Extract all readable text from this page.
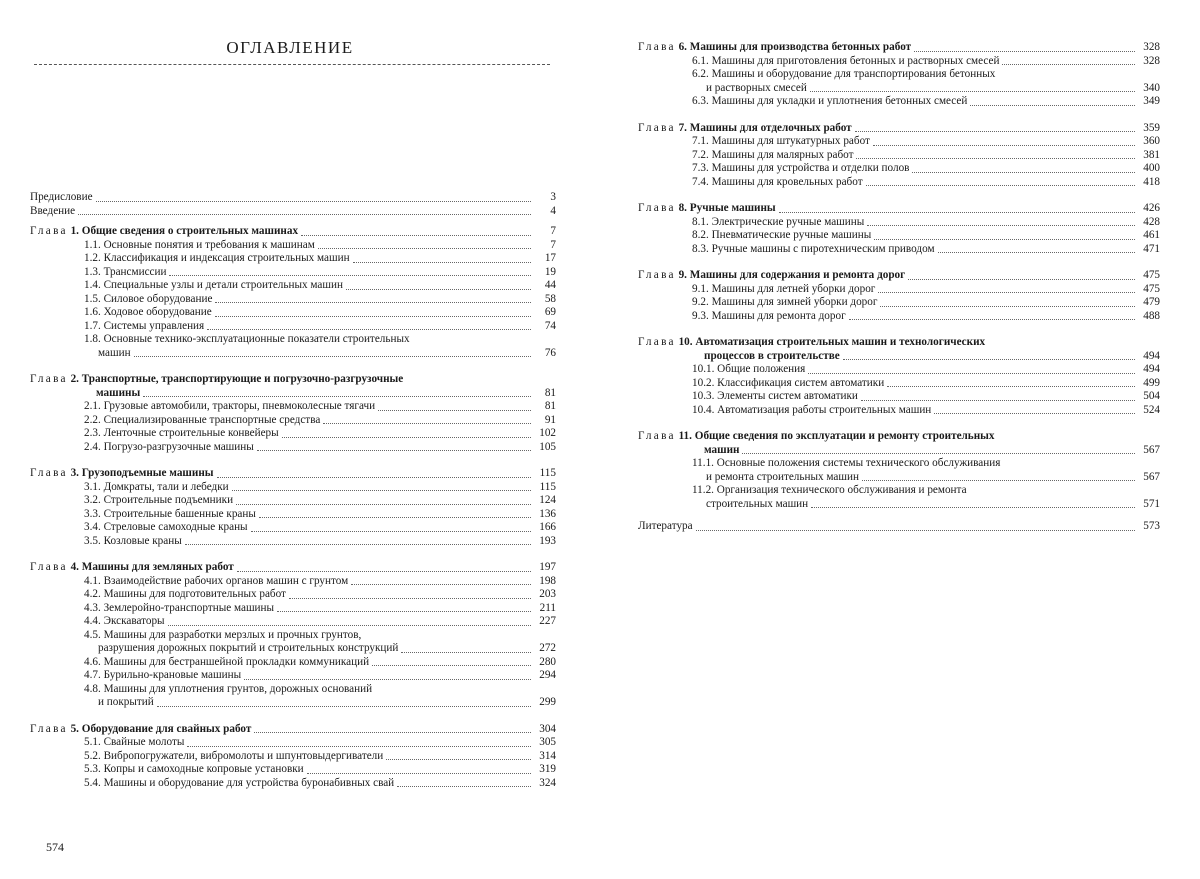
ОГЛАВЛЕНИЕ
Предисловие	3
Введение	4
Глава 1. Общие сведения о строительных машинах	7
1.1. Основные понятия и требования к машинам	7
1.2. Классификация и индексация строительных машин	17
1.3. Трансмиссии	19
1.4. Специальные узлы и детали строительных машин	44
1.5. Силовое оборудование	58
1.6. Ходовое оборудование	69
1.7. Системы управления	74
1.8. Основные технико-эксплуатационные показатели строительных
машин	76
Глава 2. Транспортные, транспортирующие и погрузочно-разгрузочные
машины	81
2.1. Грузовые автомобили, тракторы, пневмоколесные тягачи	81
2.2. Специализированные транспортные средства	91
2.3. Ленточные строительные конвейеры	102
2.4. Погрузо-разгрузочные машины	105
Глава 3. Грузоподъемные машины	115
3.1. Домкраты, тали и лебедки	115
3.2. Строительные подъемники	124
3.3. Строительные башенные краны	136
3.4. Стреловые самоходные краны	166
3.5. Козловые краны	193
Глава 4. Машины для земляных работ	197
4.1. Взаимодействие рабочих органов машин с грунтом	198
4.2. Машины для подготовительных работ	203
4.3. Землеройно-транспортные машины	211
4.4. Экскаваторы	227
4.5. Машины для разработки мерзлых и прочных грунтов,
разрушения дорожных покрытий и строительных конструкций	272
4.6. Машины для бестраншейной прокладки коммуникаций	280
4.7. Бурильно-крановые машины	294
4.8. Машины для уплотнения грунтов, дорожных оснований
и покрытий	299
Глава 5. Оборудование для свайных работ	304
5.1. Свайные молоты	305
5.2. Вибропогружатели, вибромолоты и шпунтовыдергиватели	314
5.3. Копры и самоходные копровые установки	319
5.4. Машины и оборудование для устройства буронабивных свай	324
574
Глава 6. Машины для производства бетонных работ	328
6.1. Машины для приготовления бетонных и растворных смесей	328
6.2. Машины и оборудование для транспортирования бетонных
и растворных смесей	340
6.3. Машины для укладки и уплотнения бетонных смесей	349
Глава 7. Машины для отделочных работ	359
7.1. Машины для штукатурных работ	360
7.2. Машины для малярных работ	381
7.3. Машины для устройства и отделки полов	400
7.4. Машины для кровельных работ	418
Глава 8. Ручные машины	426
8.1. Электрические ручные машины	428
8.2. Пневматические ручные машины	461
8.3. Ручные машины с пиротехническим приводом	471
Глава 9. Машины для содержания и ремонта дорог	475
9.1. Машины для летней уборки дорог	475
9.2. Машины для зимней уборки дорог	479
9.3. Машины для ремонта дорог	488
Глава 10. Автоматизация строительных машин и технологических
процессов в строительстве	494
10.1. Общие положения	494
10.2. Классификация систем автоматики	499
10.3. Элементы систем автоматики	504
10.4. Автоматизация работы строительных машин	524
Глава 11. Общие сведения по эксплуатации и ремонту строительных
машин	567
11.1. Основные положения системы технического обслуживания
и ремонта строительных машин	567
11.2. Организация технического обслуживания и ремонта
строительных машин	571
Литература	573
